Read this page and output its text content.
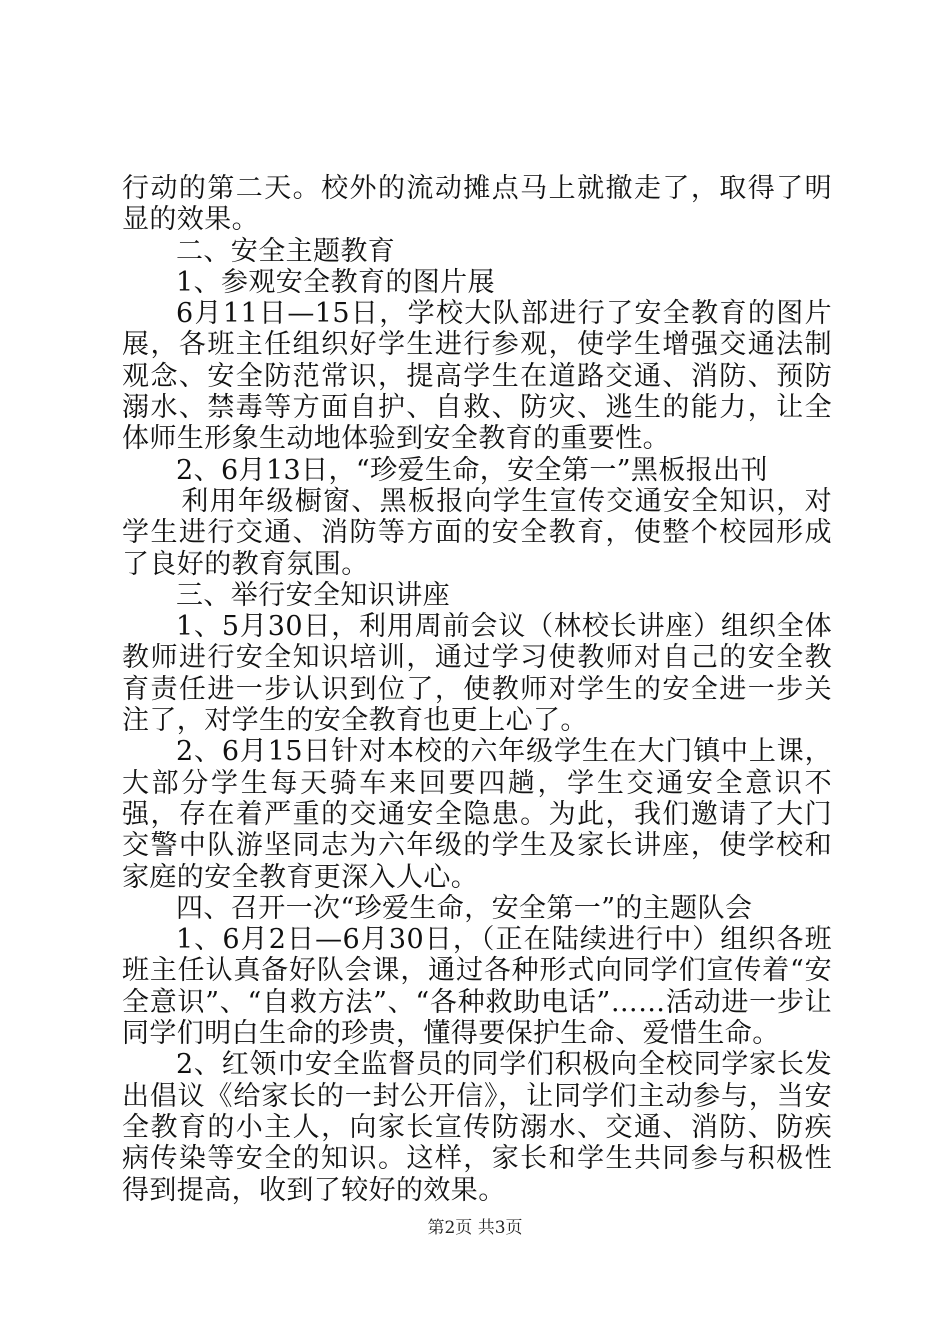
行动的第二天。校外的流动摊点马上就撤走了，取得了明显的效果。

二、安全主题教育

1、参观安全教育的图片展

6月11日—15日，学校大队部进行了安全教育的图片展，各班主任组织好学生进行参观，使学生增强交通法制观念、安全防范常识，提高学生在道路交通、消防、预防溺水、禁毒等方面自护、自救、防灾、逃生的能力，让全体师生形象生动地体验到安全教育的重要性。

2、6月13日，“珍爱生命，安全第一”黑板报出刊

利用年级橱窗、黑板报向学生宣传交通安全知识，对学生进行交通、消防等方面的安全教育，使整个校园形成了良好的教育氛围。

三、举行安全知识讲座

1、5月30日，利用周前会议（林校长讲座）组织全体教师进行安全知识培训，通过学习使教师对自己的安全教育责任进一步认识到位了，使教师对学生的安全进一步关注了，对学生的安全教育也更上心了。

2、6月15日针对本校的六年级学生在大门镇中上课，大部分学生每天骑车来回要四趟，学生交通安全意识不强，存在着严重的交通安全隐患。为此，我们邀请了大门交警中队游坚同志为六年级的学生及家长讲座，使学校和家庭的安全教育更深入人心。

四、召开一次“珍爱生命，安全第一”的主题队会

1、6月2日—6月30日，（正在陆续进行中）组织各班班主任认真备好队会课，通过各种形式向同学们宣传着“安全意识”、“自救方法”、“各种救助电话”……活动进一步让同学们明白生命的珍贵，懂得要保护生命、爱惜生命。

2、红领巾安全监督员的同学们积极向全校同学家长发出倡议《给家长的一封公开信》，让同学们主动参与，当安全教育的小主人，向家长宣传防溺水、交通、消防、防疾病传染等安全的知识。这样，家长和学生共同参与积极性得到提高，收到了较好的效果。

第2页 共3页
